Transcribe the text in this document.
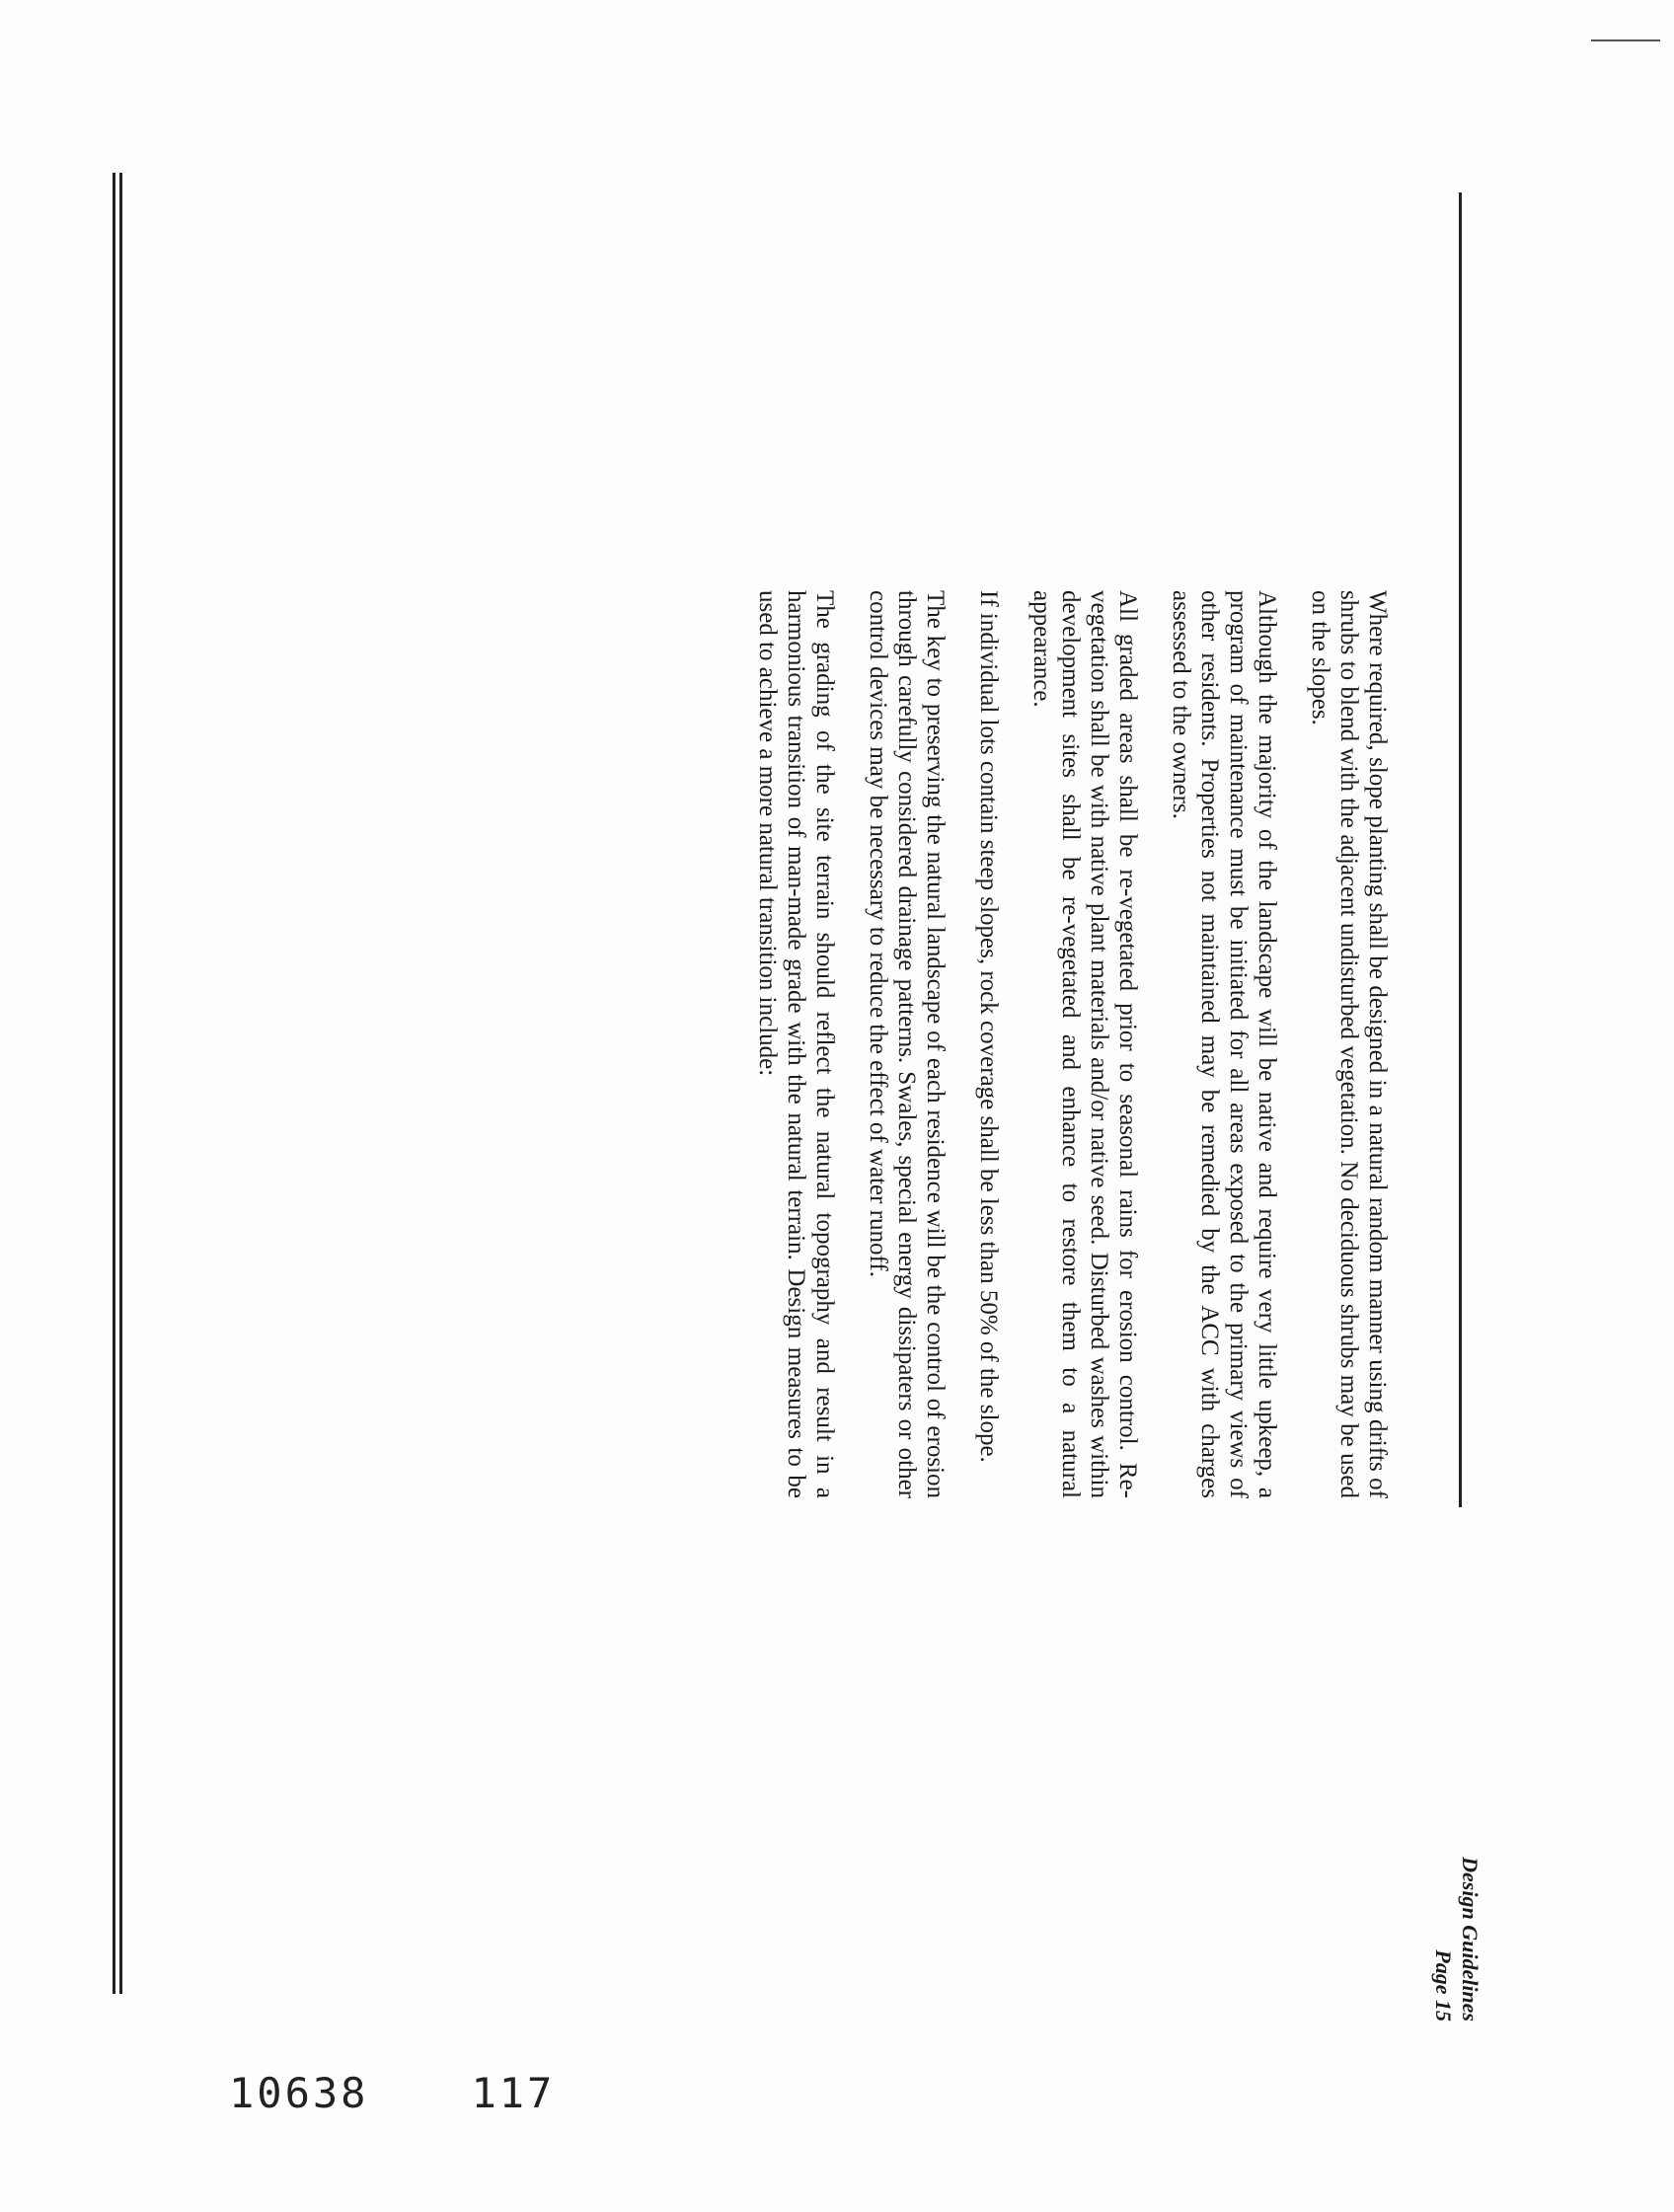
Design Guidelines
Page 15

Where required, slope planting shall be designed in a natural random manner using drifts of shrubs to blend with the adjacent undisturbed vegetation. No deciduous shrubs may be used on the slopes.

Although the majority of the landscape will be native and require very little upkeep, a program of maintenance must be initiated for all areas exposed to the primary views of other residents. Properties not maintained may be remedied by the ACC with charges assessed to the owners.

All graded areas shall be re-vegetated prior to seasonal rains for erosion control. Re-vegetation shall be with native plant materials and/or native seed. Disturbed washes within development sites shall be re-vegetated and enhance to restore them to a natural appearance.

If individual lots contain steep slopes, rock coverage shall be less than 50% of the slope.

The key to preserving the natural landscape of each residence will be the control of erosion through carefully considered drainage patterns. Swales, special energy dissipaters or other control devices may be necessary to reduce the effect of water runoff.

The grading of the site terrain should reflect the natural topography and result in a harmonious transition of man-made grade with the natural terrain. Design measures to be used to achieve a more natural transition include:

10638 117
